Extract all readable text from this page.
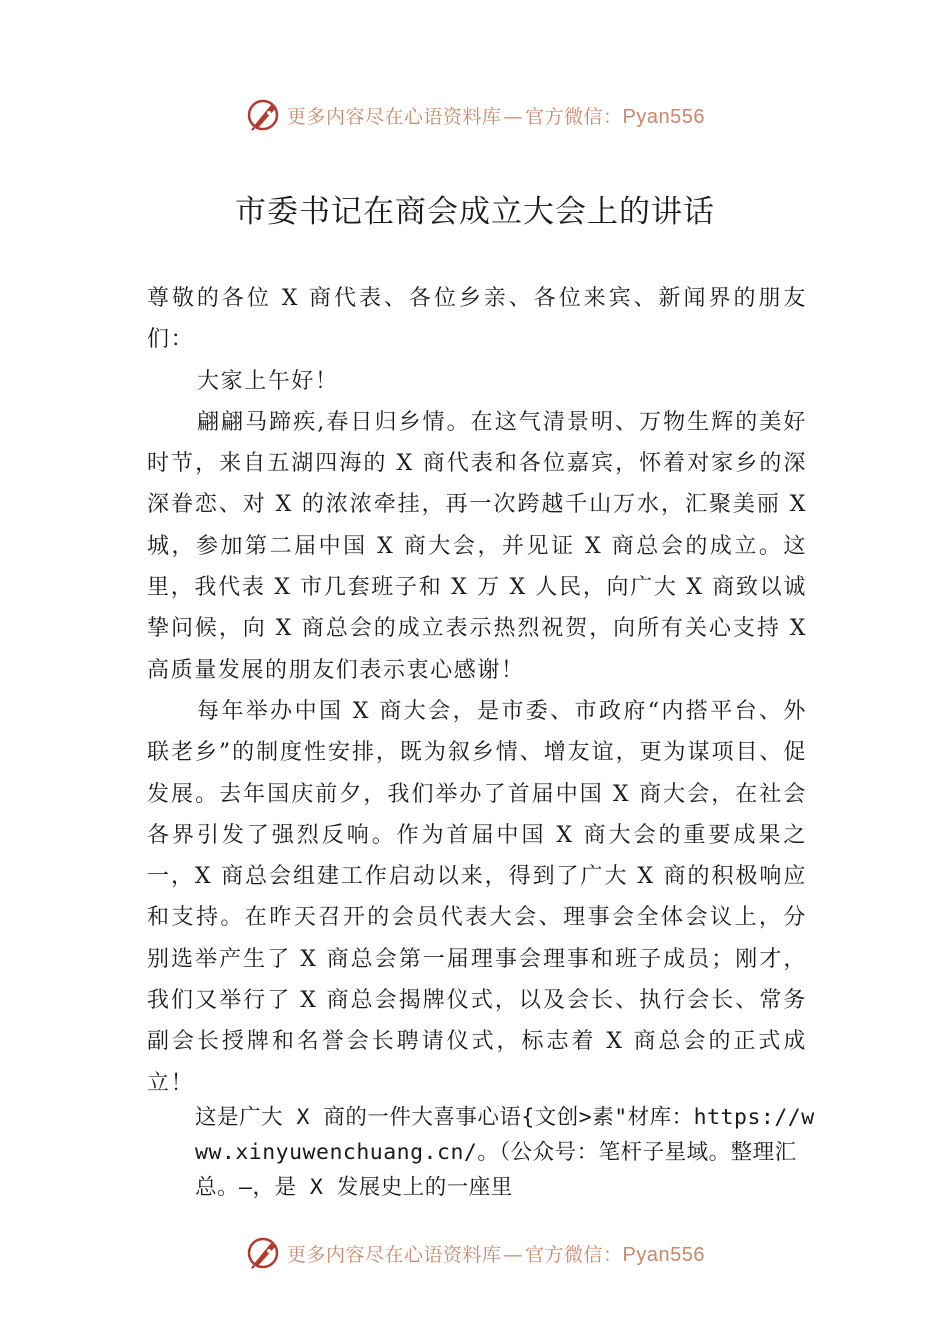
更多内容尽在心语资料库 — 官方微信：Pyan556
市委书记在商会成立大会上的讲话

尊敬的各位 X 商代表、各位乡亲、各位来宾、新闻界的朋友们：

大家上午好！

翩翩马蹄疾,春日归乡情。在这气清景明、万物生辉的美好时节，来自五湖四海的 X 商代表和各位嘉宾，怀着对家乡的深深眷恋、对 X 的浓浓牵挂，再一次跨越千山万水，汇聚美丽 X 城，参加第二届中国 X 商大会，并见证 X 商总会的成立。这里，我代表 X 市几套班子和 X 万 X 人民，向广大 X 商致以诚挚问候，向 X 商总会的成立表示热烈祝贺，向所有关心支持 X 高质量发展的朋友们表示衷心感谢！

每年举办中国 X 商大会，是市委、市政府“内搭平台、外联老乡”的制度性安排，既为叙乡情、增友谊，更为谋项目、促发展。去年国庆前夕，我们举办了首届中国 X 商大会，在社会各界引发了强烈反响。作为首届中国 X 商大会的重要成果之一，X 商总会组建工作启动以来，得到了广大 X 商的积极响应和支持。在昨天召开的会员代表大会、理事会全体会议上，分别选举产生了 X 商总会第一届理事会理事和班子成员；刚才，我们又举行了 X 商总会揭牌仪式，以及会长、执行会长、常务副会长授牌和名誉会长聘请仪式，标志着 X 商总会的正式成立！

这是广大 X 商的一件大喜事心语{文创>素"材库：https://www.xinyuwenchuang.cn/。（公众号：笔杆子星域。整理汇总。—，是 X 发展史上的一座里
更多内容尽在心语资料库 — 官方微信：Pyan556
